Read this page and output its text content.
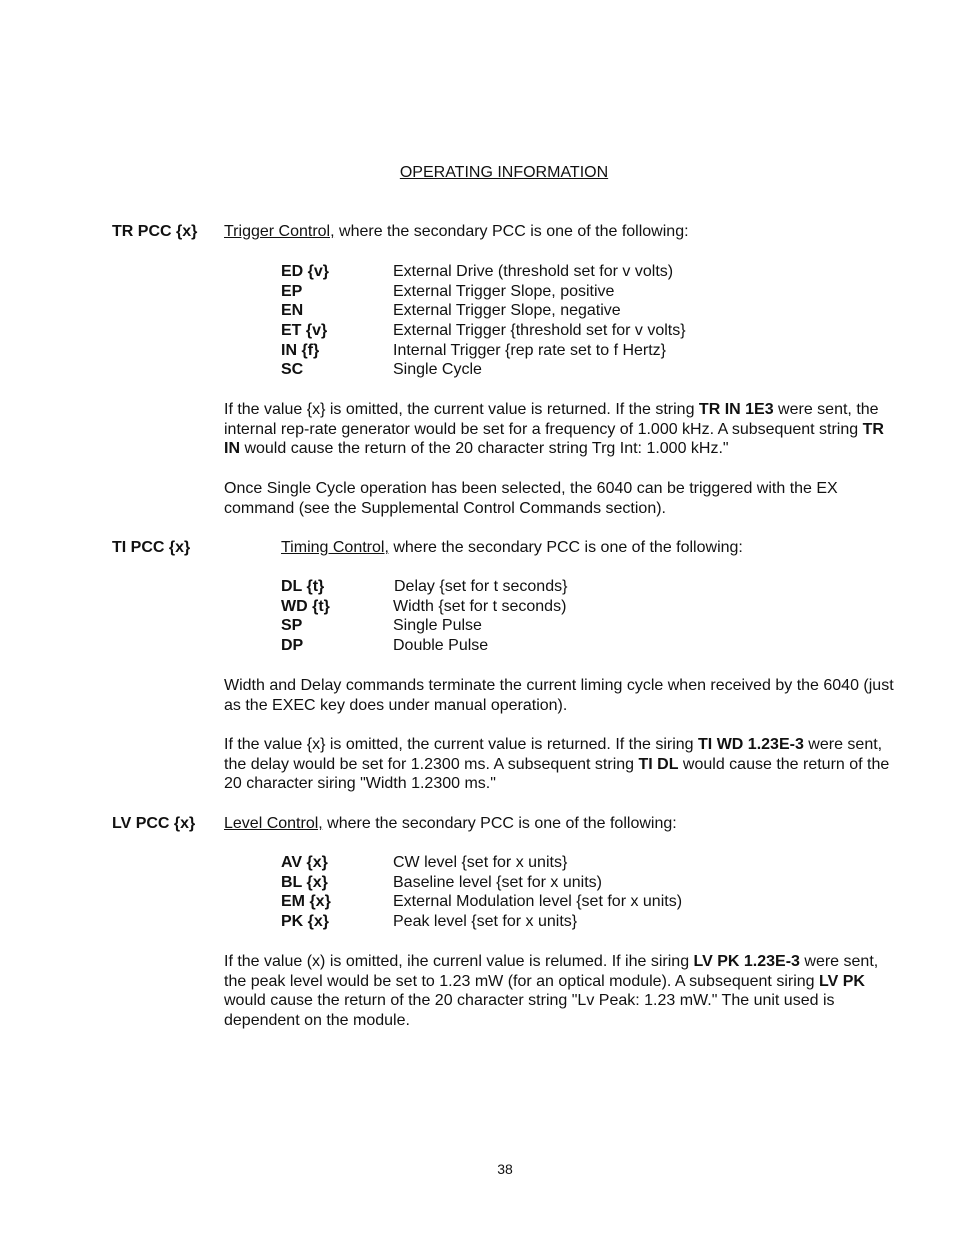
OPERATING INFORMATION
TR PCC {x} Trigger Control, where the secondary PCC is one of the following:
ED {v}	External Drive (threshold set for v volts)
EP	External Trigger Slope, positive
EN	External Trigger Slope, negative
ET {v}	External Trigger {threshold set for v volts}
IN {f}	Internal Trigger {rep rate set to f Hertz}
SC	Single Cycle
If the value {x} is omitted, the current value is returned. If the string TR IN 1E3 were sent, the internal rep-rate generator would be set for a frequency of 1.000 kHz. A subsequent string TR IN would cause the return of the 20 character string Trg Int: 1.000 kHz."
Once Single Cycle operation has been selected, the 6040 can be triggered with the EX command (see the Supplemental Control Commands section).
TI PCC {x}	Timing Control, where the secondary PCC is one of the following:
DL {t}	Delay {set for t seconds}
WD {t}	Width {set for t seconds)
SP	Single Pulse
DP	Double Pulse
Width and Delay commands terminate the current liming cycle when received by the 6040 (just as the EXEC key does under manual operation).
If the value {x} is omitted, the current value is returned. If the siring TI WD 1.23E-3 were sent, the delay would be set for 1.2300 ms. A subsequent string TI DL would cause the return of the 20 character siring "Width 1.2300 ms."
LV PCC {x} Level Control, where the secondary PCC is one of the following:
AV {x}	CW level {set for x units}
BL {x}	Baseline level {set for x units)
EM {x}	External Modulation level {set for x units)
PK {x}	Peak level {set for x units}
If the value (x) is omitted, ihe currenl value is relumed. If ihe siring LV PK 1.23E-3 were sent, the peak level would be set to 1.23 mW (for an optical module). A subsequent siring LV PK would cause the return of the 20 character string "Lv Peak: 1.23 mW." The unit used is dependent on the module.
38
